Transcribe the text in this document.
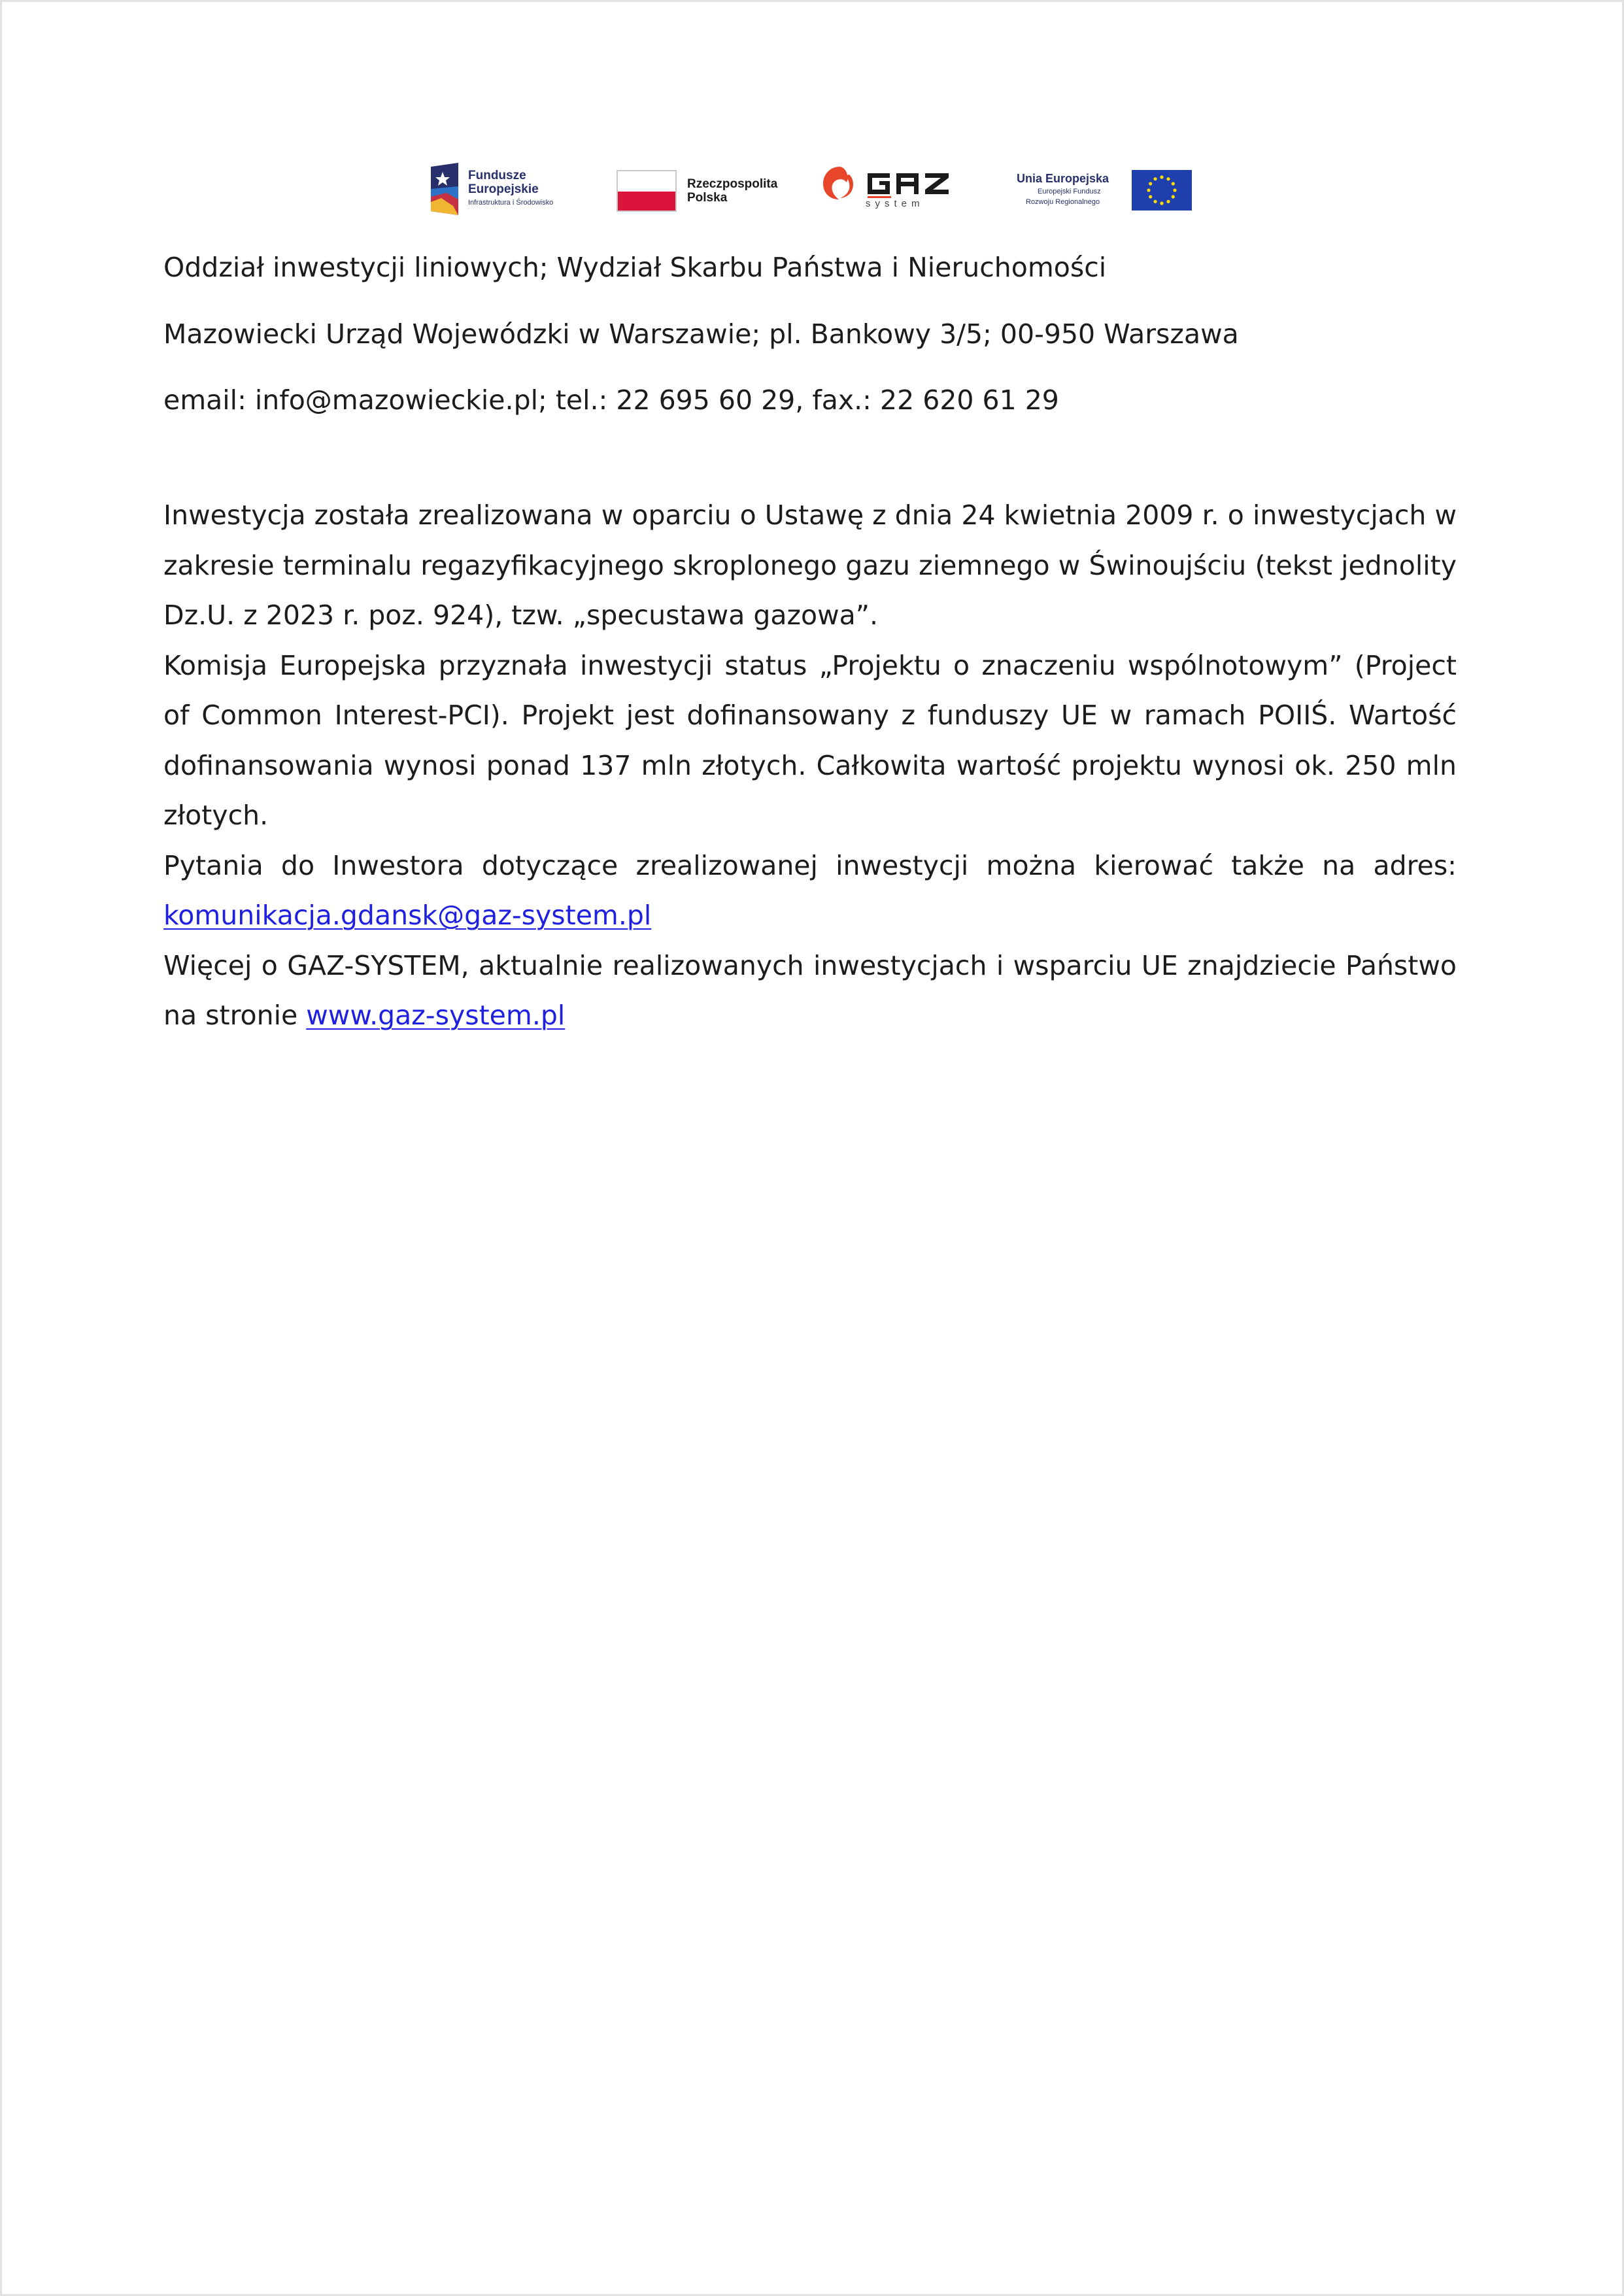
Fundusze
Europejskie
Infrastruktura i Środowisko
Rzeczpospolita
Polska	system
Unia Europejska
Europejski Fundusz
Rozwoju Regionalnego
Oddział inwestycji liniowych; Wydział Skarbu Państwa i Nieruchomości
Mazowiecki Urząd Wojewódzki w Warszawie; pl. Bankowy 3/5; 00-950 Warszawa
email: info@mazowieckie.pl; tel.: 22 695 60 29, fax.: 22 620 61 29

Inwestycja została zrealizowana w oparciu o Ustawę z dnia 24 kwietnia 2009 r. o inwestycjach w zakresie terminalu regazyfikacyjnego skroplonego gazu ziemnego w Świnoujściu (tekst jednolity Dz.U. z 2023 r. poz. 924), tzw. „specustawa gazowa”.

Komisja Europejska przyznała inwestycji status „Projektu o znaczeniu wspólnotowym” (Project of Common Interest-PCI). Projekt jest dofinansowany z funduszy UE w ramach POIIŚ. Wartość dofinansowania wynosi ponad 137 mln złotych. Całkowita wartość projektu wynosi ok. 250 mln złotych.

Pytania do Inwestora dotyczące zrealizowanej inwestycji można kierować także na adres: komunikacja.gdansk@gaz-system.pl

Więcej o GAZ-SYSTEM, aktualnie realizowanych inwestycjach i wsparciu UE znajdziecie Państwo na stronie www.gaz-system.pl
